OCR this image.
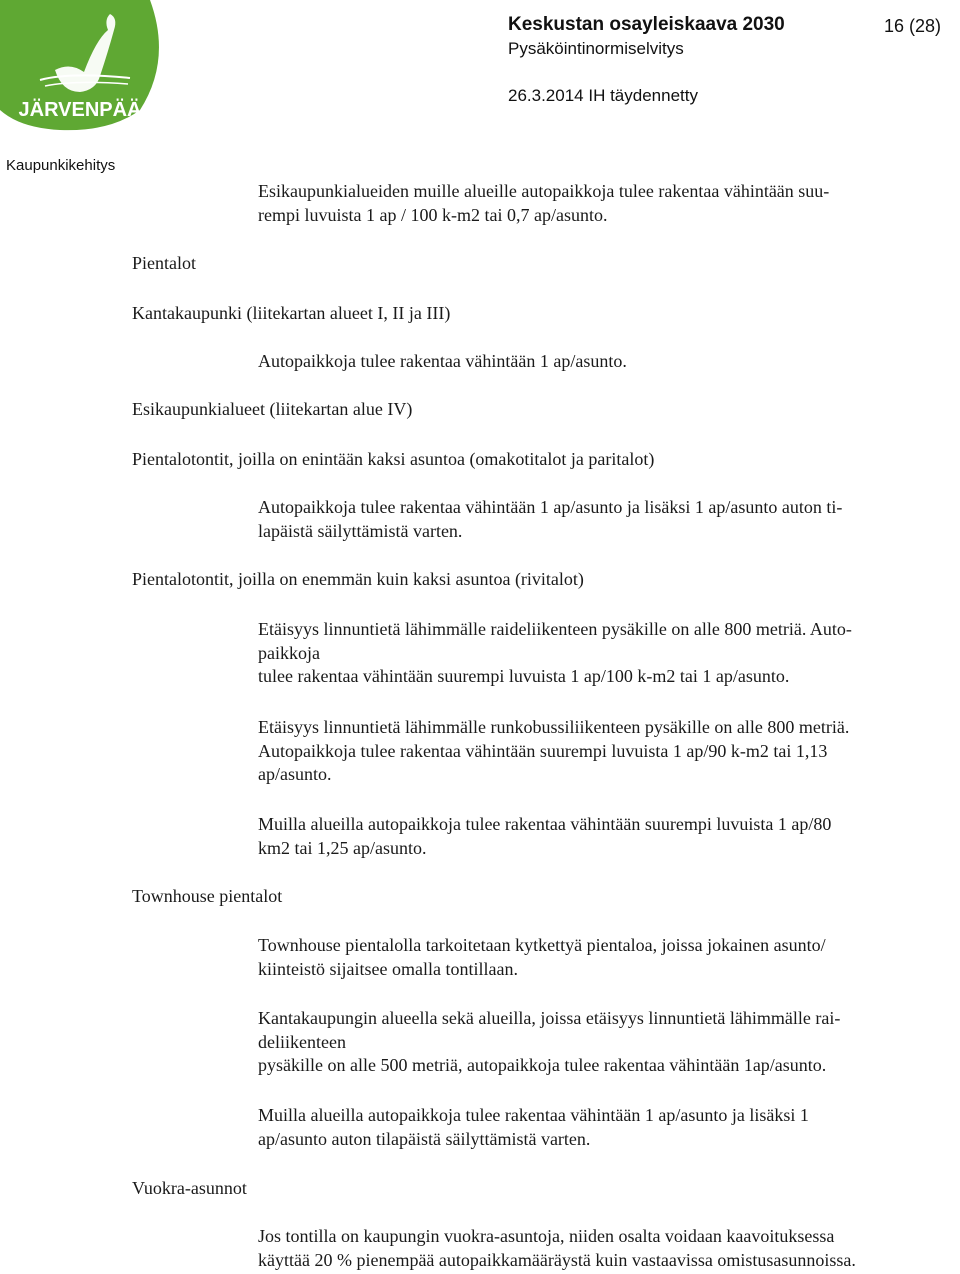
JÄRVENPÄÄ
Keskustan osayleiskaava 2030
Pysäköintinormiselvitys
26.3.2014 IH täydennetty
16 (28)
Kaupunkikehitys
Esikaupunkialueiden muille alueille autopaikkoja tulee rakentaa vähintään suu-
rempi luvuista 1 ap / 100 k-m2 tai 0,7 ap/asunto.
Pientalot
Kantakaupunki (liitekartan alueet I, II ja III)
Autopaikkoja tulee rakentaa vähintään 1 ap/asunto.
Esikaupunkialueet (liitekartan alue IV)
Pientalotontit, joilla on enintään kaksi asuntoa (omakotitalot ja paritalot)
Autopaikkoja tulee rakentaa vähintään 1 ap/asunto ja lisäksi 1 ap/asunto auton ti-
lapäistä säilyttämistä varten.
Pientalotontit, joilla on enemmän kuin kaksi asuntoa (rivitalot)
Etäisyys linnuntietä lähimmälle raideliikenteen pysäkille on alle 800 metriä. Auto-
paikkoja
tulee rakentaa vähintään suurempi luvuista 1 ap/100 k-m2 tai 1 ap/asunto.
Etäisyys linnuntietä lähimmälle runkobussiliikenteen pysäkille on alle 800 metriä.
Autopaikkoja tulee rakentaa vähintään suurempi luvuista 1 ap/90 k-m2 tai 1,13
ap/asunto.
Muilla alueilla autopaikkoja tulee rakentaa vähintään suurempi luvuista 1 ap/80
km2 tai 1,25 ap/asunto.
Townhouse pientalot
Townhouse pientalolla tarkoitetaan kytkettyä pientaloa, joissa jokainen asunto/
kiinteistö sijaitsee omalla tontillaan.
Kantakaupungin alueella sekä alueilla, joissa etäisyys linnuntietä lähimmälle rai-
deliikenteen
pysäkille on alle 500 metriä, autopaikkoja tulee rakentaa vähintään 1ap/asunto.
Muilla alueilla autopaikkoja tulee rakentaa vähintään 1 ap/asunto ja lisäksi 1
ap/asunto auton tilapäistä säilyttämistä varten.
Vuokra-asunnot
Jos tontilla on kaupungin vuokra-asuntoja, niiden osalta voidaan kaavoituksessa
käyttää 20 % pienempää autopaikkamääräystä kuin vastaavissa omistusasunnoissa.
